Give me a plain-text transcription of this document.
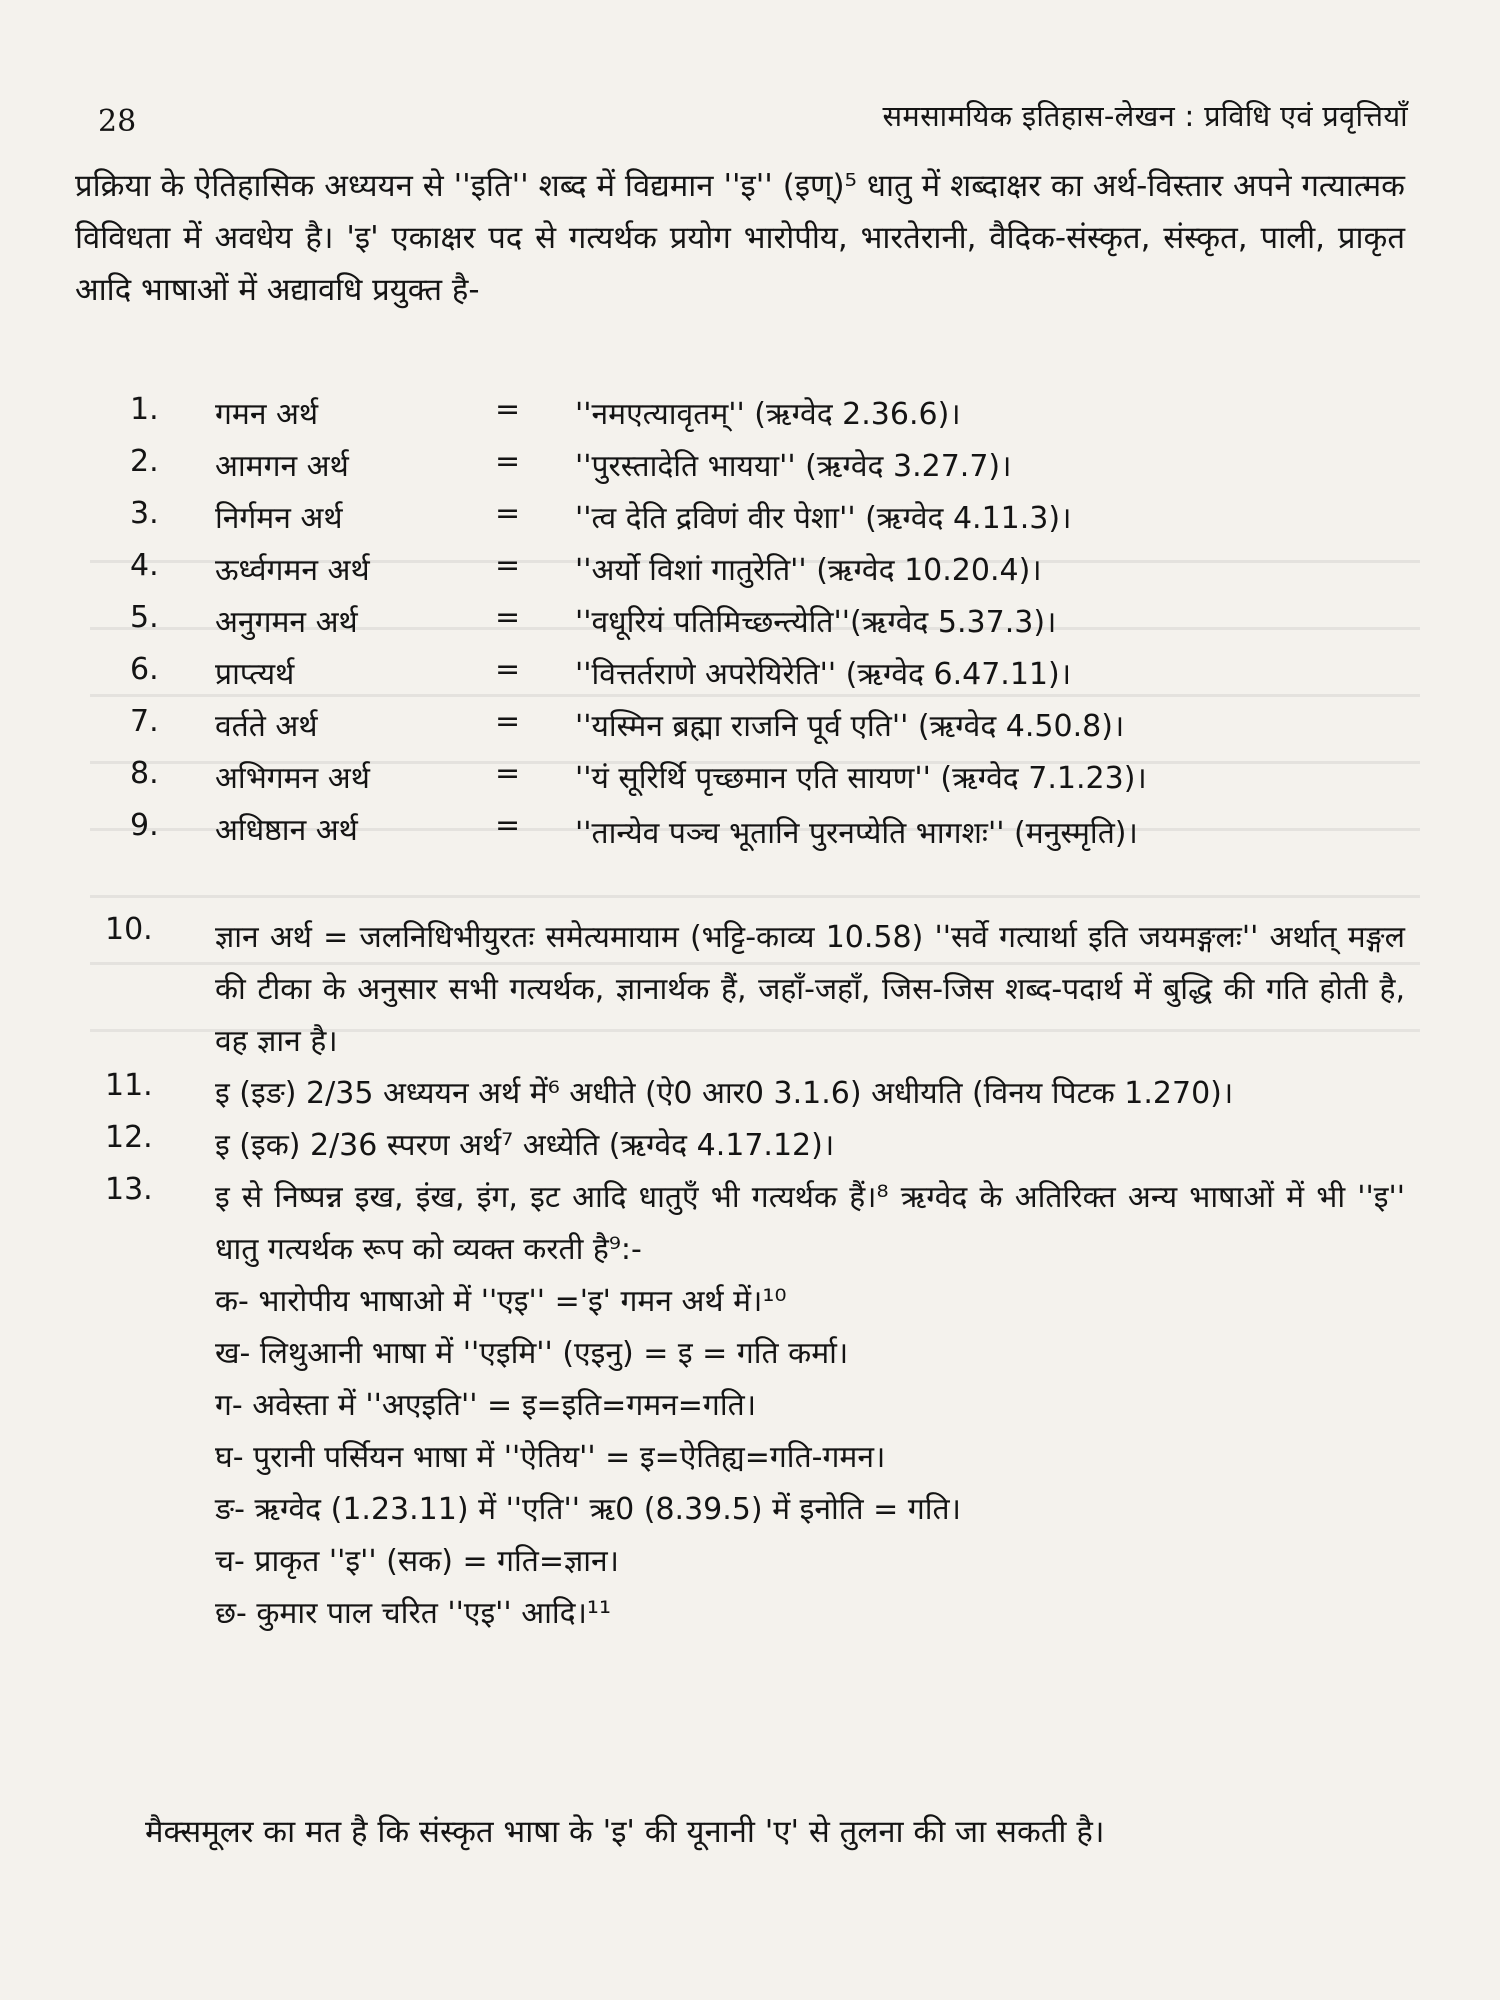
28	समसामयिक इतिहास-लेखन : प्रविधि एवं प्रवृत्तियाँ

प्रक्रिया के ऐतिहासिक अध्ययन से ''इति'' शब्द में विद्यमान ''इ'' (इण्)⁵ धातु में शब्दाक्षर का अर्थ-विस्तार अपने गत्यात्मक विविधता में अवधेय है। 'इ' एकाक्षर पद से गत्यर्थक प्रयोग भारोपीय, भारतेरानी, वैदिक-संस्कृत, संस्कृत, पाली, प्राकृत आदि भाषाओं में अद्यावधि प्रयुक्त है-

1.	गमन अर्थ	= ''नमएत्यावृतम्'' (ऋग्वेद 2.36.6)।
2.	आमगन अर्थ	= ''पुरस्तादेति भायया'' (ऋग्वेद 3.27.7)।
3.	निर्गमन अर्थ	= ''त्व देति द्रविणं वीर पेशा'' (ऋग्वेद 4.11.3)।
4.	ऊर्ध्वगमन अर्थ	= ''अर्यो विशां गातुरेति'' (ऋग्वेद 10.20.4)।
5.	अनुगमन अर्थ	= ''वधूरियं पतिमिच्छन्त्येति''(ऋग्वेद 5.37.3)।
6.	प्राप्त्यर्थ	= ''वित्तर्तराणे अपरेयिरेति'' (ऋग्वेद 6.47.11)।
7.	वर्तते अर्थ	= ''यस्मिन ब्रह्मा राजनि पूर्व एति'' (ऋग्वेद 4.50.8)।
8.	अभिगमन अर्थ	= ''यं सूरिर्थि पृच्छमान एति सायण'' (ऋग्वेद 7.1.23)।
9.	अधिष्ठान अर्थ	= ''तान्येव पञ्च भूतानि पुरनप्येति भागशः'' (मनुस्मृति)।
10.	ज्ञान अर्थ = जलनिधिभीयुरतः समेत्यमायाम (भट्टि-काव्य 10.58) ''सर्वे गत्यार्था इति जयमङ्गलः'' अर्थात् मङ्गल की टीका के अनुसार सभी गत्यर्थक, ज्ञानार्थक हैं, जहाँ-जहाँ, जिस-जिस शब्द-पदार्थ में बुद्धि की गति होती है, वह ज्ञान है।
11.	इ (इङ) 2/35 अध्ययन अर्थ में⁶ अधीते (ऐ0 आर0 3.1.6) अधीयति (विनय पिटक 1.270)।
12.	इ (इक) 2/36 स्परण अर्थ⁷ अध्येति (ऋग्वेद 4.17.12)।
13.	इ से निष्पन्न इख, इंख, इंग, इट आदि धातुएँ भी गत्यर्थक हैं।⁸ ऋग्वेद के अतिरिक्त अन्य भाषाओं में भी ''इ'' धातु गत्यर्थक रूप को व्यक्त करती है⁹:-
क- भारोपीय भाषाओ में ''एइ'' ='इ' गमन अर्थ में।¹⁰
ख- लिथुआनी भाषा में ''एइमि'' (एइनु) = इ = गति कर्मा।
ग- अवेस्ता में ''अएइति'' = इ=इति=गमन=गति।
घ- पुरानी पर्सियन भाषा में ''ऐतिय'' = इ=ऐतिह्य=गति-गमन।
ङ- ऋग्वेद (1.23.11) में ''एति'' ऋ0 (8.39.5) में इनोति = गति।
च- प्राकृत ''इ'' (सक) = गति=ज्ञान।
छ- कुमार पाल चरित ''एइ'' आदि।¹¹

मैक्समूलर का मत है कि संस्कृत भाषा के 'इ' की यूनानी 'ए' से तुलना की जा सकती है।
